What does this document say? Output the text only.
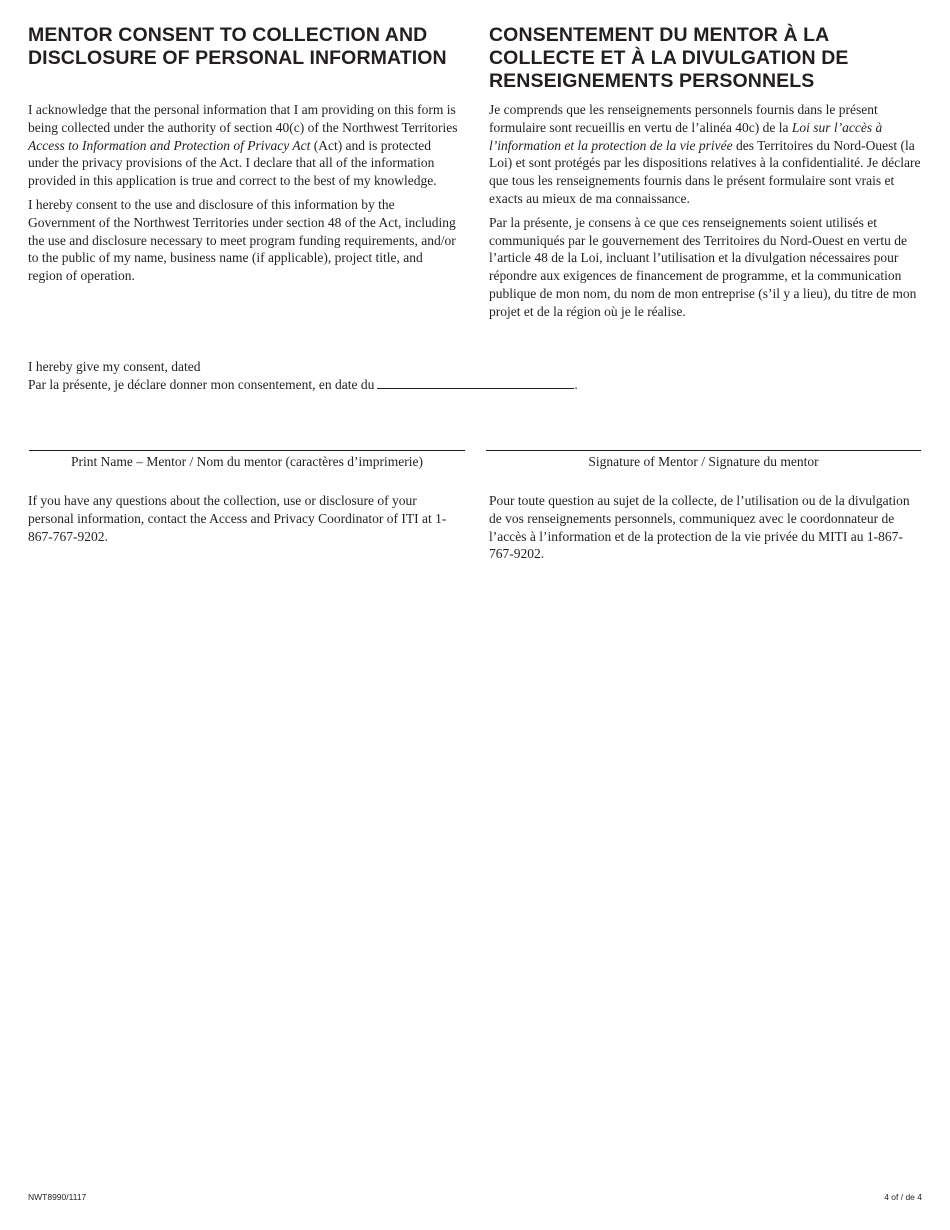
MENTOR CONSENT TO COLLECTION AND DISCLOSURE OF PERSONAL INFORMATION

I acknowledge that the personal information that I am providing on this form is being collected under the authority of section 40(c) of the Northwest Territories Access to Information and Protection of Privacy Act (Act) and is protected under the privacy provisions of the Act. I declare that all of the information provided in this application is true and correct to the best of my knowledge.

I hereby consent to the use and disclosure of this information by the Government of the Northwest Territories under section 48 of the Act, including the use and disclosure necessary to meet program funding requirements, and/or to the public of my name, business name (if applicable), project title, and region of operation.

CONSENTEMENT DU MENTOR À LA COLLECTE ET À LA DIVULGATION DE RENSEIGNEMENTS PERSONNELS

Je comprends que les renseignements personnels fournis dans le présent formulaire sont recueillis en vertu de l’alinéa 40c) de la Loi sur l’accès à l’information et la protection de la vie privée des Territoires du Nord-Ouest (la Loi) et sont protégés par les dispositions relatives à la confidentialité. Je déclare que tous les renseignements fournis dans le présent formulaire sont vrais et exacts au mieux de ma connaissance.

Par la présente, je consens à ce que ces renseignements soient utilisés et communiqués par le gouvernement des Territoires du Nord-Ouest en vertu de l’article 48 de la Loi, incluant l’utilisation et la divulgation nécessaires pour répondre aux exigences de financement de programme, et la communication publique de mon nom, du nom de mon entreprise (s’il y a lieu), du titre de mon projet et de la région où je le réalise.

I hereby give my consent, dated
Par la présente, je déclare donner mon consentement, en date du	.
Print Name – Mentor / Nom du mentor (caractères d’imprimerie)	Signature of Mentor / Signature du mentor
If you have any questions about the collection, use or disclosure of your personal information, contact the Access and Privacy Coordinator of ITI at 1-867-767-9202.
Pour toute question au sujet de la collecte, de l’utilisation ou de la divulgation de vos renseignements personnels, communiquez avec le coordonnateur de l’accès à l’information et de la protection de la vie privée du MITI au 1-867-767-9202.
NWT8990/1117	4 of / de 4
